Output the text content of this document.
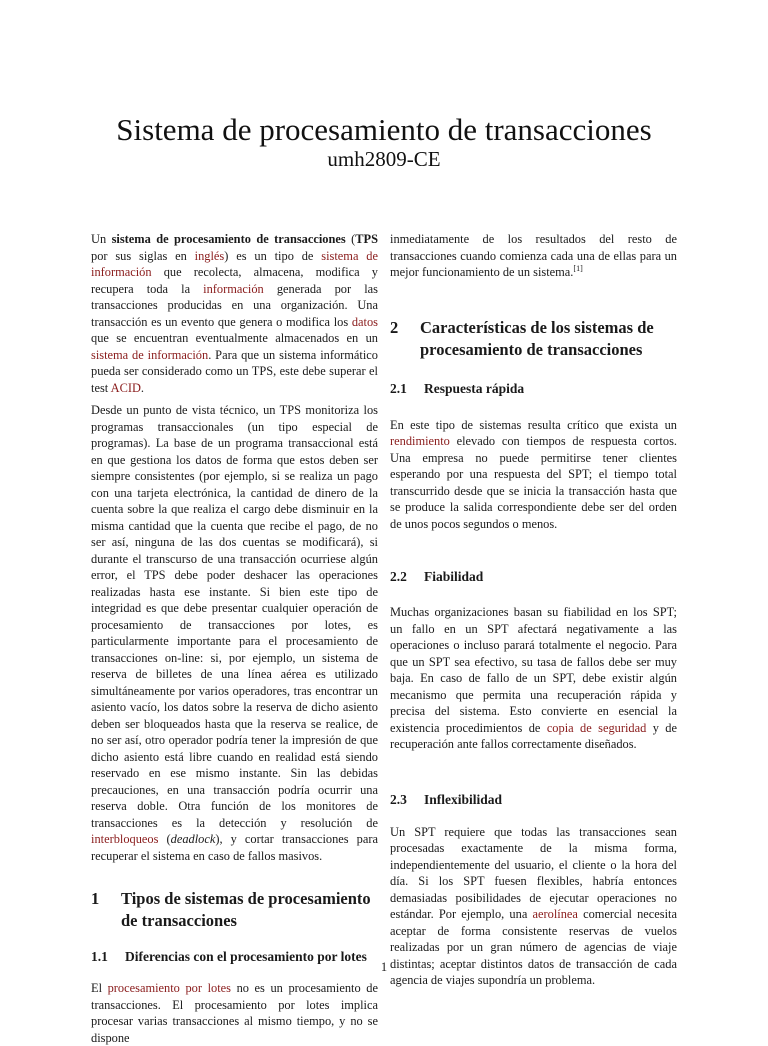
Sistema de procesamiento de transacciones
umh2809-CE

Un sistema de procesamiento de transacciones (TPS por sus siglas en inglés) es un tipo de sistema de información que recolecta, almacena, modifica y recupera toda la información generada por las transacciones producidas en una organización. Una transacción es un evento que genera o modifica los datos que se encuentran eventualmente almacenados en un sistema de información. Para que un sistema informático pueda ser considerado como un TPS, este debe superar el test ACID.

Desde un punto de vista técnico, un TPS monitoriza los programas transaccionales (un tipo especial de programas). La base de un programa transaccional está en que gestiona los datos de forma que estos deben ser siempre consistentes (por ejemplo, si se realiza un pago con una tarjeta electrónica, la cantidad de dinero de la cuenta sobre la que realiza el cargo debe disminuir en la misma cantidad que la cuenta que recibe el pago, de no ser así, ninguna de las dos cuentas se modificará), si durante el transcurso de una transacción ocurriese algún error, el TPS debe poder deshacer las operaciones realizadas hasta ese instante. Si bien este tipo de integridad es que debe presentar cualquier operación de procesamiento de transacciones por lotes, es particularmente importante para el procesamiento de transacciones on-line: si, por ejemplo, un sistema de reserva de billetes de una línea aérea es utilizado simultáneamente por varios operadores, tras encontrar un asiento vacío, los datos sobre la reserva de dicho asiento deben ser bloqueados hasta que la reserva se realice, de no ser así, otro operador podría tener la impresión de que dicho asiento está libre cuando en realidad está siendo reservado en ese mismo instante. Sin las debidas precauciones, en una transacción podría ocurrir una reserva doble. Otra función de los monitores de transacciones es la detección y resolución de interbloqueos (deadlock), y cortar transacciones para recuperar el sistema en caso de fallos masivos.

1	Tipos de sistemas de procesamiento de transacciones
1.1	Diferencias con el procesamiento por lotes

El procesamiento por lotes no es un procesamiento de transacciones. El procesamiento por lotes implica procesar varias transacciones al mismo tiempo, y no se dispone

inmediatamente de los resultados del resto de transacciones cuando comienza cada una de ellas para un mejor funcionamiento de un sistema.[1]

2	Características de los sistemas de procesamiento de transacciones
2.1	Respuesta rápida

En este tipo de sistemas resulta crítico que exista un rendimiento elevado con tiempos de respuesta cortos. Una empresa no puede permitirse tener clientes esperando por una respuesta del SPT; el tiempo total transcurrido desde que se inicia la transacción hasta que se produce la salida correspondiente debe ser del orden de unos pocos segundos o menos.

2.2	Fiabilidad

Muchas organizaciones basan su fiabilidad en los SPT; un fallo en un SPT afectará negativamente a las operaciones o incluso parará totalmente el negocio. Para que un SPT sea efectivo, su tasa de fallos debe ser muy baja. En caso de fallo de un SPT, debe existir algún mecanismo que permita una recuperación rápida y precisa del sistema. Esto convierte en esencial la existencia procedimientos de copia de seguridad y de recuperación ante fallos correctamente diseñados.

2.3	Inflexibilidad

Un SPT requiere que todas las transacciones sean procesadas exactamente de la misma forma, independientemente del usuario, el cliente o la hora del día. Si los SPT fuesen flexibles, habría entonces demasiadas posibilidades de ejecutar operaciones no estándar. Por ejemplo, una aerolínea comercial necesita aceptar de forma consistente reservas de vuelos realizadas por un gran número de agencias de viaje distintas; aceptar distintos datos de transacción de cada agencia de viajes supondría un problema.

1
